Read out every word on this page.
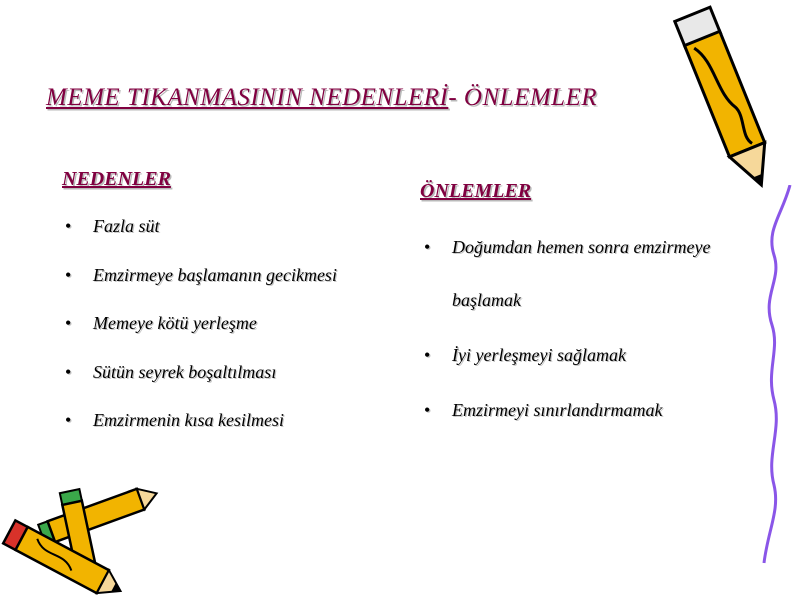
MEME TIKANMASININ NEDENLERİ- ÖNLEMLER
NEDENLER
• Fazla süt
• Emzirmeye başlamanın gecikmesi
• Memeye kötü yerleşme
• Sütün seyrek boşaltılması
• Emzirmenin kısa kesilmesi
ÖNLEMLER
• Doğumdan hemen sonra emzirmeye
başlamak
• İyi yerleşmeyi sağlamak
• Emzirmeyi sınırlandırmamak
